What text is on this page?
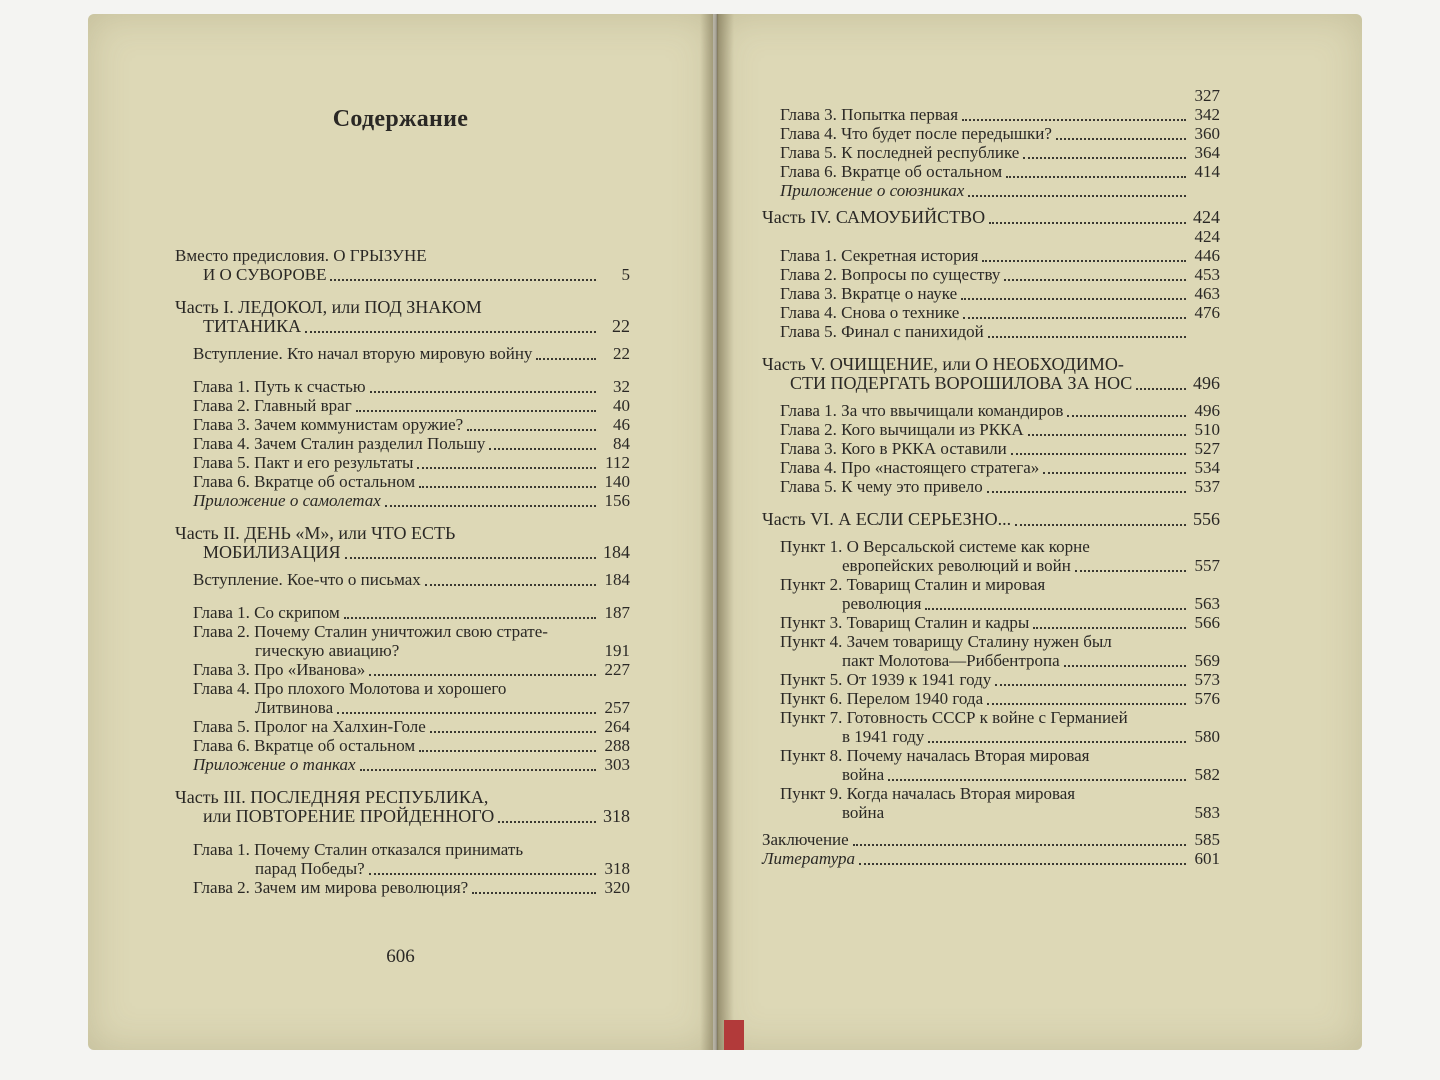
Содержание
Вместо предисловия. О ГРЫЗУНЕ
И О СУВОРОВЕ	5
Часть I. ЛЕДОКОЛ, или ПОД ЗНАКОМ
ТИТАНИКА	22
Вступление. Кто начал вторую мировую войну	22
Глава 1. Путь к счастью	32
Глава 2. Главный враг	40
Глава 3. Зачем коммунистам оружие?	46
Глава 4. Зачем Сталин разделил Польшу	84
Глава 5. Пакт и его результаты	112
Глава 6. Вкратце об остальном	140
Приложение о самолетах	156
Часть II. ДЕНЬ «М», или ЧТО ЕСТЬ
МОБИЛИЗАЦИЯ	184
Вступление. Кое-что о письмах	184
Глава 1. Со скрипом	187
Глава 2. Почему Сталин уничтожил свою страте-
гическую авиацию?	191
Глава 3. Про «Иванова»	227
Глава 4. Про плохого Молотова и хорошего
Литвинова	257
Глава 5. Пролог на Халхин-Голе	264
Глава 6. Вкратце об остальном	288
Приложение о танках	303
Часть III. ПОСЛЕДНЯЯ РЕСПУБЛИКА,
или ПОВТОРЕНИЕ ПРОЙДЕННОГО	318
Глава 1. Почему Сталин отказался принимать
парад Победы?	318
Глава 2. Зачем им мирова революция?	320
606
327
Глава 3. Попытка первая	342
Глава 4. Что будет после передышки?	360
Глава 5. К последней республике	364
Глава 6. Вкратце об остальном	414
Приложение о союзниках
Часть IV. САМОУБИЙСТВО	424
424
Глава 1. Секретная история	446
Глава 2. Вопросы по существу	453
Глава 3. Вкратце о науке	463
Глава 4. Снова о технике	476
Глава 5. Финал с панихидой
Часть V. ОЧИЩЕНИЕ, или О НЕОБХОДИМО-
СТИ ПОДЕРГАТЬ ВОРОШИЛОВА ЗА НОС	496
Глава 1. За что ввычищали командиров	496
Глава 2. Кого вычищали из РККА	510
Глава 3. Кого в РККА оставили	527
Глава 4. Про «настоящего стратега»	534
Глава 5. К чему это привело	537
Часть VI. А ЕСЛИ СЕРЬЕЗНО...	556
Пункт 1. О Версальской системе как корне
европейских революций и войн	557
Пункт 2. Товарищ Сталин и мировая
революция	563
Пункт 3. Товарищ Сталин и кадры	566
Пункт 4. Зачем товарищу Сталину нужен был
пакт Молотова—Риббентропа	569
Пункт 5. От 1939 к 1941 году	573
Пункт 6. Перелом 1940 года	576
Пункт 7. Готовность СССР к войне с Германией
в 1941 году	580
Пункт 8. Почему началась Вторая мировая
война	582
Пункт 9. Когда началась Вторая мировая
война	583
Заключение	585
Литература	601
